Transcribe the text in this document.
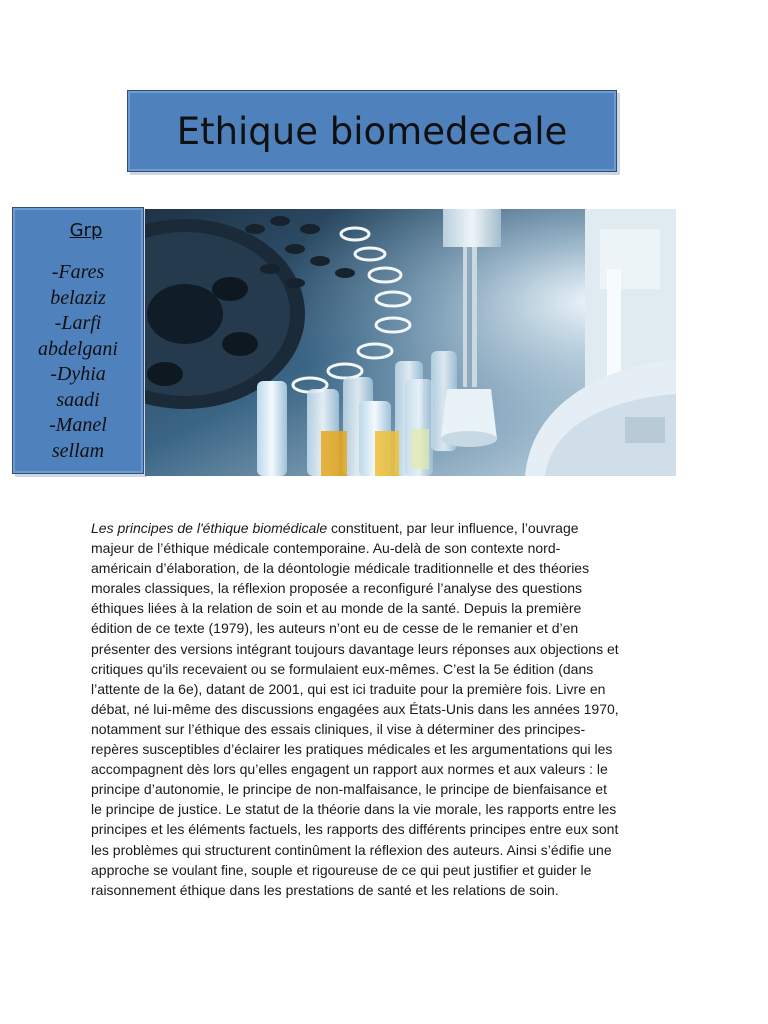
Ethique biomedecale
Grp
-Fares
belaziz
-Larfi
abdelgani
-Dyhia
saadi
-Manel
sellam
Les principes de l'éthique biomédicale constituent, par leur influence, l’ouvrage
majeur de l’éthique médicale contemporaine. Au-delà de son contexte nord-
américain d’élaboration, de la déontologie médicale traditionnelle et des théories
morales classiques, la réflexion proposée a reconfiguré l’analyse des questions
éthiques liées à la relation de soin et au monde de la santé. Depuis la première
édition de ce texte (1979), les auteurs n’ont eu de cesse de le remanier et d’en
présenter des versions intégrant toujours davantage leurs réponses aux objections et
critiques qu'ils recevaient ou se formulaient eux-mêmes. C’est la 5e édition (dans
l’attente de la 6e), datant de 2001, qui est ici traduite pour la première fois. Livre en
débat, né lui-même des discussions engagées aux États-Unis dans les années 1970,
notamment sur l’éthique des essais cliniques, il vise à déterminer des principes-
repères susceptibles d’éclairer les pratiques médicales et les argumentations qui les
accompagnent dès lors qu’elles engagent un rapport aux normes et aux valeurs : le
principe d’autonomie, le principe de non-malfaisance, le principe de bienfaisance et
le principe de justice. Le statut de la théorie dans la vie morale, les rapports entre les
principes et les éléments factuels, les rapports des différents principes entre eux sont
les problèmes qui structurent continûment la réflexion des auteurs. Ainsi s’édifie une
approche se voulant fine, souple et rigoureuse de ce qui peut justifier et guider le
raisonnement éthique dans les prestations de santé et les relations de soin.
